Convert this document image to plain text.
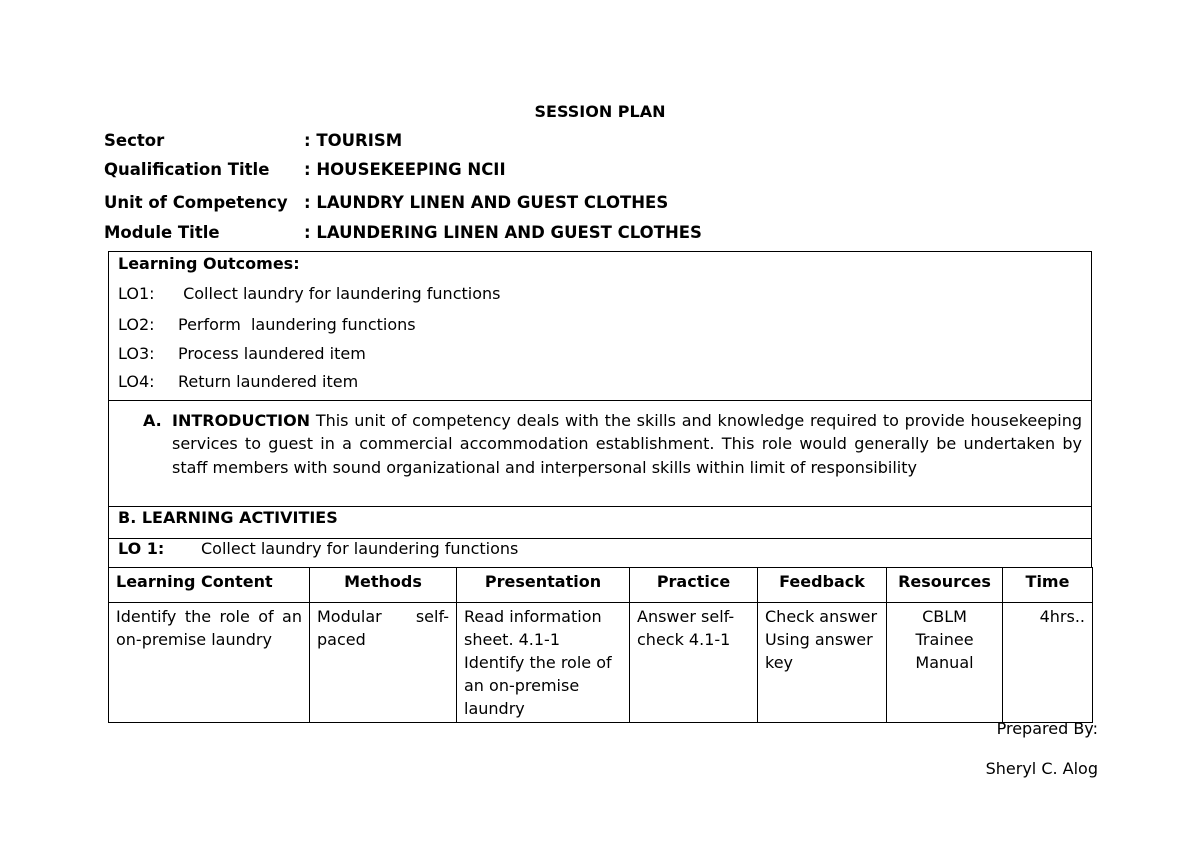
SESSION PLAN
Sector	: TOURISM
Qualification Title : HOUSEKEEPING NCII
Unit of Competency : LAUNDRY LINEN AND GUEST CLOTHES
Module Title	: LAUNDERING LINEN AND GUEST CLOTHES
Learning Outcomes:
LO1: Collect laundry for laundering functions
LO2: Perform  laundering functions
LO3: Process laundered item
LO4: Return laundered item
A. INTRODUCTION This unit of competency deals with the skills and knowledge required to provide housekeeping services to guest in a commercial accommodation establishment. This role would generally be undertaken by staff members with sound organizational and interpersonal skills within limit of responsibility
B. LEARNING ACTIVITIES
LO 1: Collect laundry for laundering functions
Learning Content	Methods	Presentation	Practice	Feedback	Resources	Time
Identify the role of an on-premise laundry	Modular self-paced	Read information sheet. 4.1-1 Identify the role of an on-premise laundry	Answer self-check 4.1-1	Check answer Using answer key	CBLM Trainee Manual	4hrs..
Prepared By:
Sheryl C. Alog
